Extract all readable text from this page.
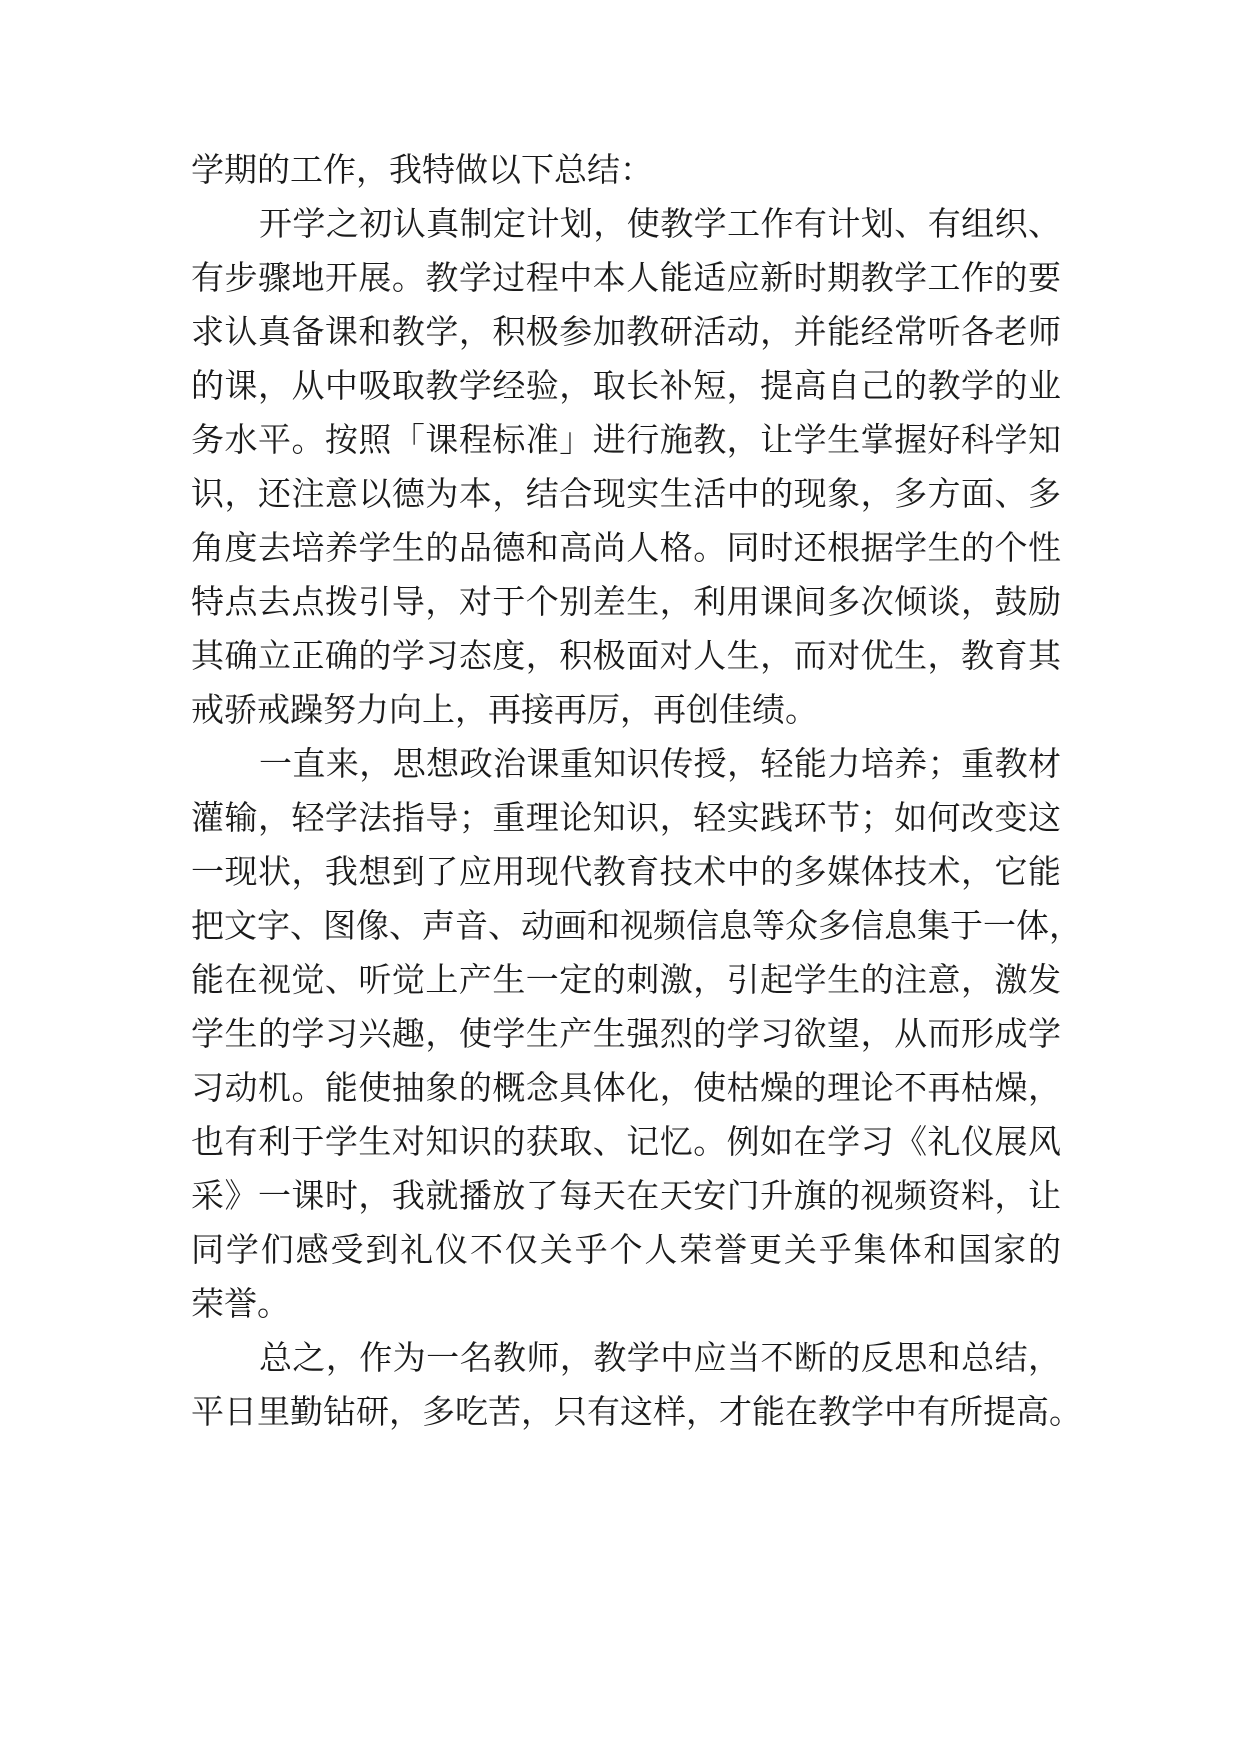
学期的工作，我特做以下总结：
开学之初认真制定计划，使教学工作有计划、有组织、
有步骤地开展。教学过程中本人能适应新时期教学工作的要
求认真备课和教学，积极参加教研活动，并能经常听各老师
的课，从中吸取教学经验，取长补短，提高自己的教学的业
务水平。按照「课程标准」进行施教，让学生掌握好科学知
识，还注意以德为本，结合现实生活中的现象，多方面、多
角度去培养学生的品德和高尚人格。同时还根据学生的个性
特点去点拨引导，对于个别差生，利用课间多次倾谈，鼓励
其确立正确的学习态度，积极面对人生，而对优生，教育其
戒骄戒躁努力向上，再接再厉，再创佳绩。
一直来，思想政治课重知识传授，轻能力培养；重教材
灌输，轻学法指导；重理论知识，轻实践环节；如何改变这
一现状，我想到了应用现代教育技术中的多媒体技术，它能
把文字、图像、声音、动画和视频信息等众多信息集于一体，
能在视觉、听觉上产生一定的刺激，引起学生的注意，激发
学生的学习兴趣，使学生产生强烈的学习欲望，从而形成学
习动机。能使抽象的概念具体化，使枯燥的理论不再枯燥，
也有利于学生对知识的获取、记忆。例如在学习《礼仪展风
采》一课时，我就播放了每天在天安门升旗的视频资料，让
同学们感受到礼仪不仅关乎个人荣誉更关乎集体和国家的
荣誉。
总之，作为一名教师，教学中应当不断的反思和总结，
平日里勤钻研，多吃苦，只有这样，才能在教学中有所提高。
